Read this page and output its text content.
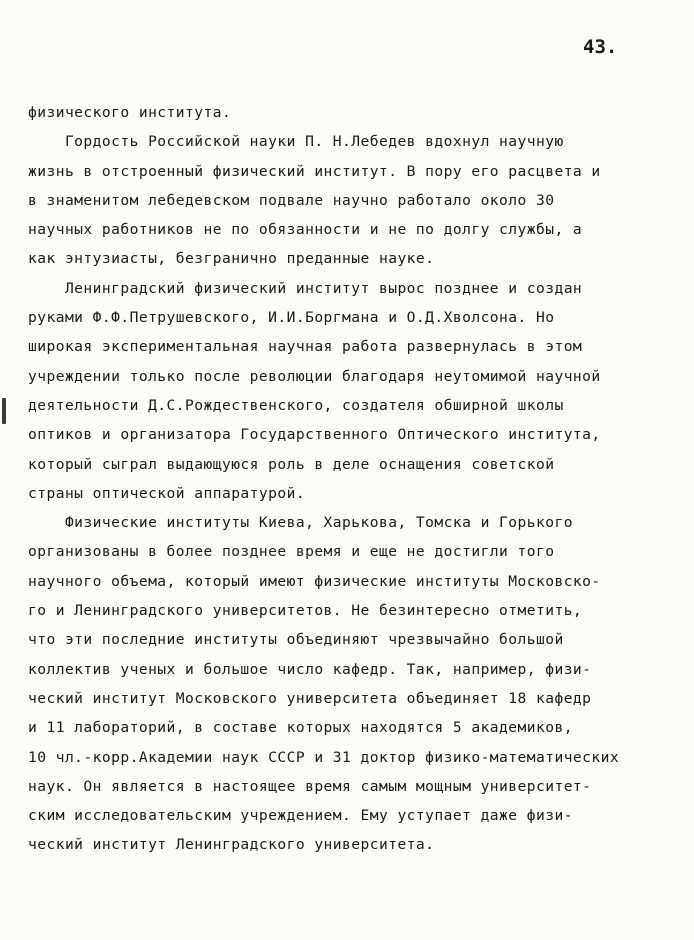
43.
физического института.
Гордость Российской науки П. Н.Лебедев вдохнул научную
жизнь в отстроенный физический институт. В пору его расцвета и
в знаменитом лебедевском подвале научно работало около 30
научных работников не по обязанности и не по долгу службы, а
как энтузиасты, безгранично преданные науке.
Ленинградский физический институт вырос позднее и создан
руками Ф.Ф.Петрушевского, И.И.Боргмана и О.Д.Хволсона. Но
широкая экспериментальная научная работа развернулась в этом
учреждении только после революции благодаря неутомимой научной
деятельности Д.С.Рождественского, создателя обширной школы
оптиков и организатора Государственного Оптического института,
который сыграл выдающуюся роль в деле оснащения советской
страны оптической аппаратурой.
Физические институты Киева, Харькова, Томска и Горького
организованы в более позднее время и еще не достигли того
научного объема, который имеют физические институты Московско-
го и Ленинградского университетов. Не безинтересно отметить,
что эти последние институты объединяют чрезвычайно большой
коллектив ученых и большое число кафедр. Так, например, физи-
ческий институт Московского университета объединяет 18 кафедр
и 11 лабораторий, в составе которых находятся 5 академиков,
10 чл.-корр.Академии наук СССР и 31 доктор физико-математических
наук. Он является в настоящее время самым мощным университет-
ским исследовательским учреждением. Ему уступает даже физи-
ческий институт Ленинградского университета.
